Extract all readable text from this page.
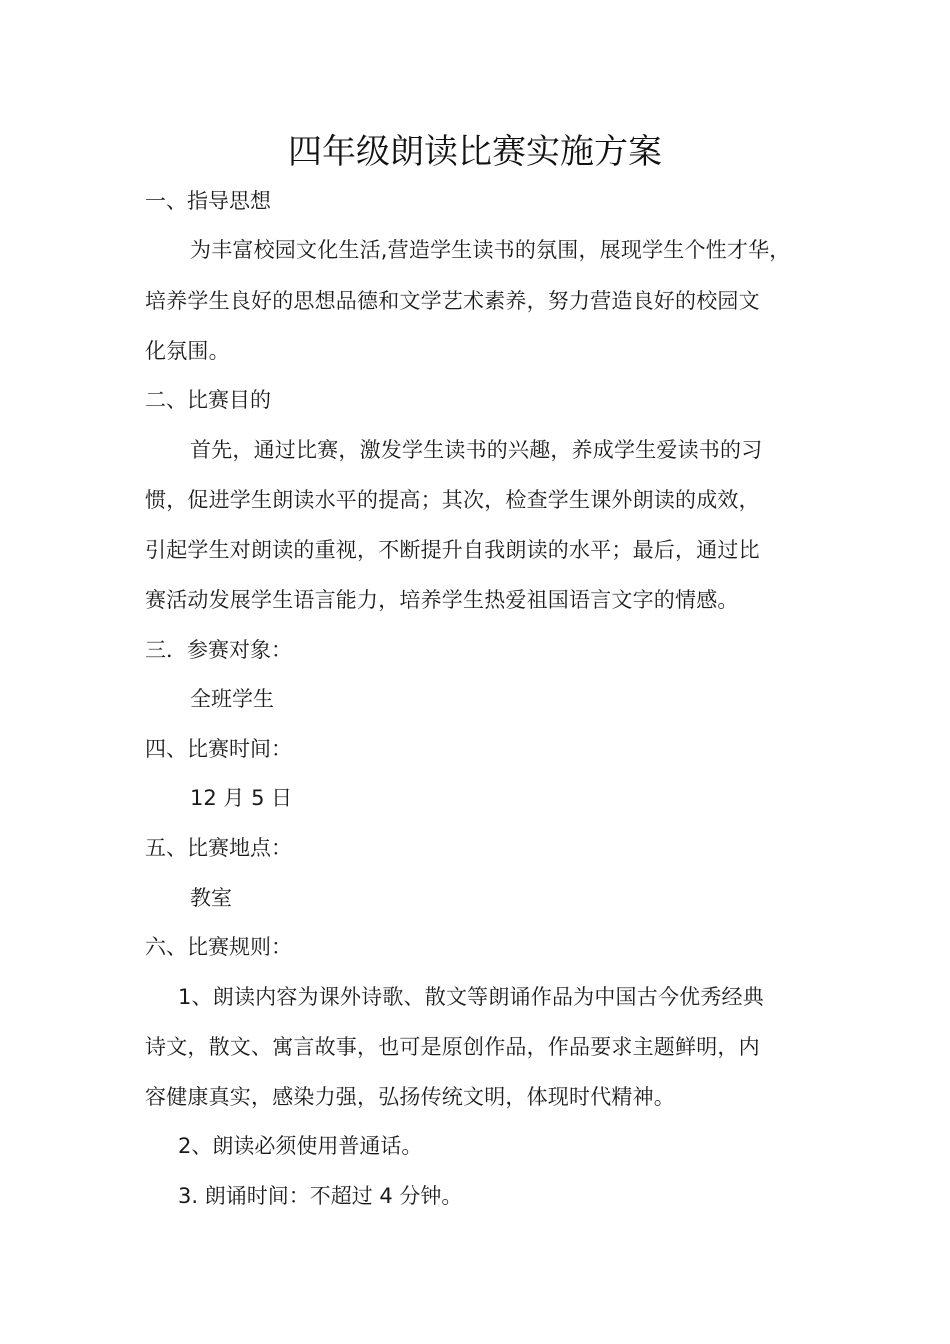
四年级朗读比赛实施方案
一、指导思想
为丰富校园文化生活,营造学生读书的氛围，展现学生个性才华，
培养学生良好的思想品德和文学艺术素养，努力营造良好的校园文
化氛围。
二、比赛目的
首先，通过比赛，激发学生读书的兴趣，养成学生爱读书的习
惯，促进学生朗读水平的提高；其次，检查学生课外朗读的成效，
引起学生对朗读的重视，不断提升自我朗读的水平；最后，通过比
赛活动发展学生语言能力，培养学生热爱祖国语言文字的情感。
三．参赛对象：
全班学生
四、比赛时间：
12 月 5 日
五、比赛地点：
教室
六、比赛规则：
1、朗读内容为课外诗歌、散文等朗诵作品为中国古今优秀经典
诗文，散文、寓言故事，也可是原创作品，作品要求主题鲜明，内
容健康真实，感染力强，弘扬传统文明，体现时代精神。
2、朗读必须使用普通话。
3. 朗诵时间：不超过 4 分钟。
